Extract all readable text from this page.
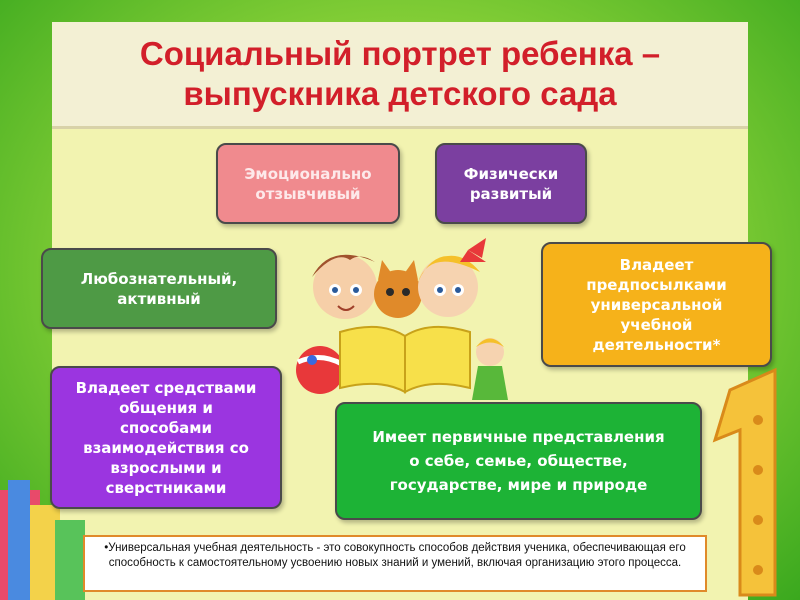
Социальный портрет ребенка –
выпускника детского сада
Эмоционально
отзывчивый
Физически
развитый
Любознательный,
активный
Владеет
предпосылками
универсальной
учебной
деятельности*
Владеет средствами
общения и
способами
взаимодействия со
взрослыми и
сверстниками
Имеет первичные представления
о себе, семье, обществе,
государстве, мире и природе
•Универсальная учебная деятельность - это совокупность способов действия ученика, обеспечивающая его способность к самостоятельному усвоению новых знаний и умений, включая организацию этого процесса.
